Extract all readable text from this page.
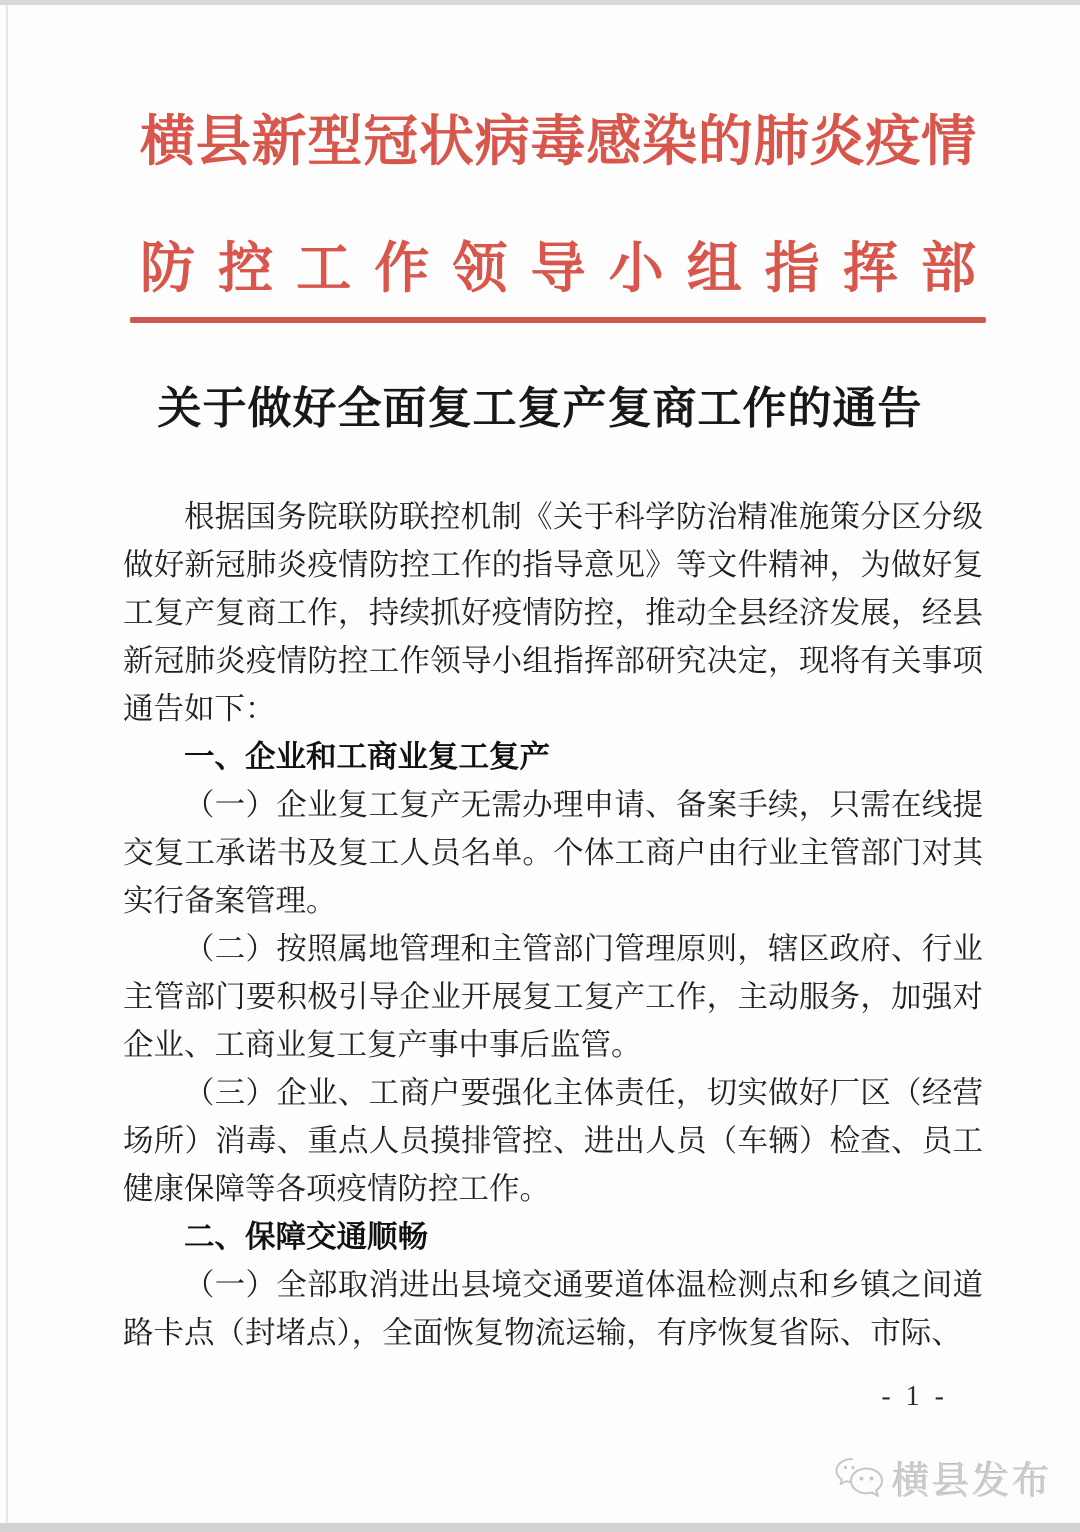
横县新型冠状病毒感染的肺炎疫情
防控工作领导小组指挥部
关于做好全面复工复产复商工作的通告

根据国务院联防联控机制《关于科学防治精准施策分区分级做好新冠肺炎疫情防控工作的指导意见》等文件精神，为做好复工复产复商工作，持续抓好疫情防控，推动全县经济发展，经县新冠肺炎疫情防控工作领导小组指挥部研究决定，现将有关事项通告如下：

一、企业和工商业复工复产

（一）企业复工复产无需办理申请、备案手续，只需在线提交复工承诺书及复工人员名单。个体工商户由行业主管部门对其实行备案管理。

（二）按照属地管理和主管部门管理原则，辖区政府、行业主管部门要积极引导企业开展复工复产工作，主动服务，加强对企业、工商业复工复产事中事后监管。

（三）企业、工商户要强化主体责任，切实做好厂区（经营场所）消毒、重点人员摸排管控、进出人员（车辆）检查、员工健康保障等各项疫情防控工作。

二、保障交通顺畅

（一）全部取消进出县境交通要道体温检测点和乡镇之间道路卡点（封堵点），全面恢复物流运输，有序恢复省际、市际、

- 1 -
横县发布
